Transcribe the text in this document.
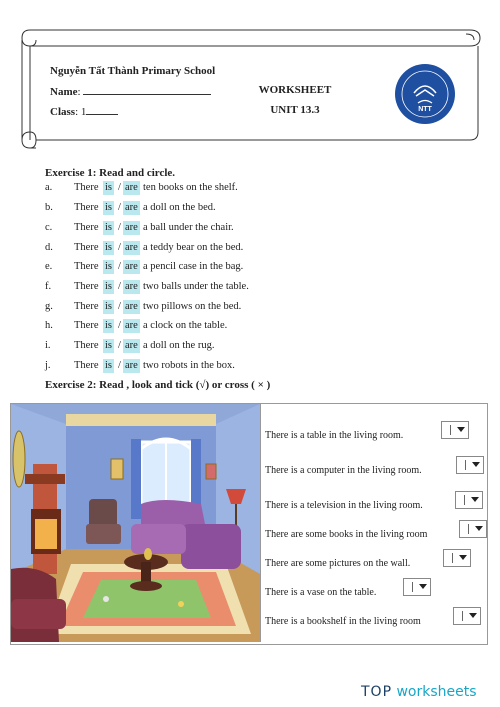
Nguyễn Tất Thành Primary School
Name:
Class: 1
WORKSHEET
UNIT 13.3	NTT
Exercise 1: Read and circle.
a.	There is / are ten books on the shelf.
b.	There is / are a doll on the bed.
c.	There is / are a ball under the chair.
d.	There is / are a teddy bear on the bed.
e.	There is / are a pencil case in the bag.
f.	There is / are two balls under the table.
g.	There is / are two pillows on the bed.
h.	There is / are a clock on the table.
i.	There is / are a doll on the rug.
j.	There is / are two robots in the box.
Exercise 2: Read , look and tick (√) or cross ( × )
There is a table in the living room.
There is a computer in the living room.
There is a television in the living room.
There are some books in the living room
There are some pictures on the wall.
There is a vase on the table.
There is a bookshelf in the living room
TOP worksheets
